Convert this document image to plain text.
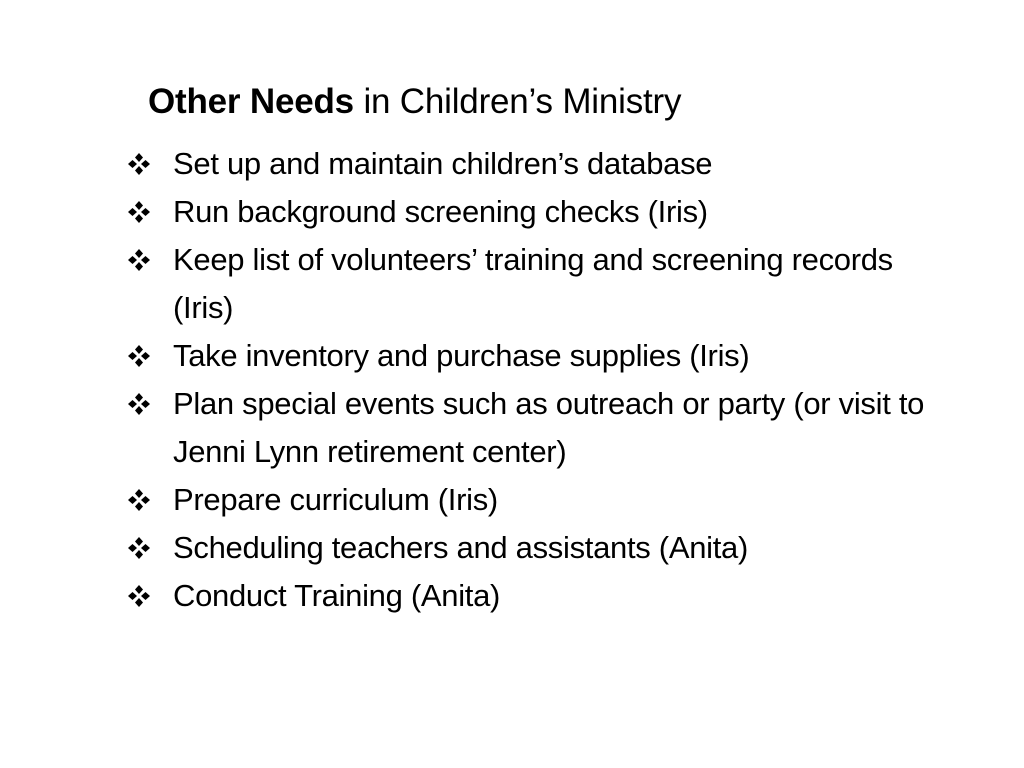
Other Needs in Children’s Ministry
Set up and maintain children’s database
Run background screening checks (Iris)
Keep list of volunteers’ training and screening records (Iris)
Take inventory and purchase supplies (Iris)
Plan special events such as outreach or party (or visit to Jenni Lynn retirement center)
Prepare curriculum (Iris)
Scheduling teachers and assistants (Anita)
Conduct Training (Anita)
